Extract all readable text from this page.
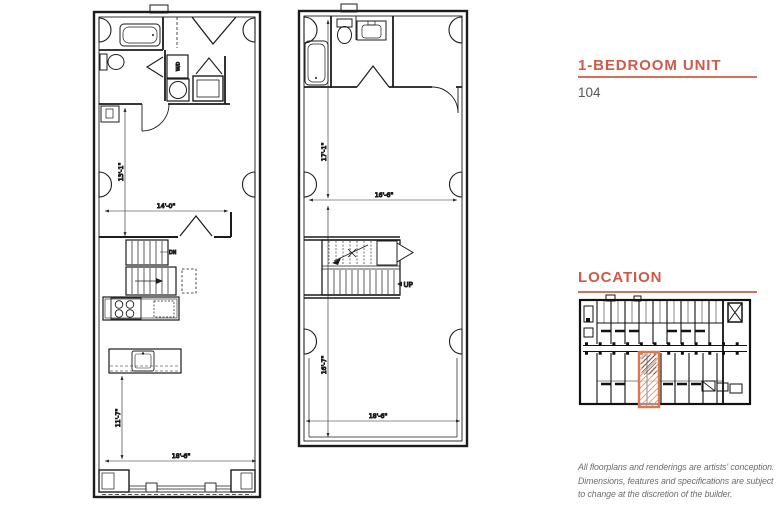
W/D
13'-1"
14'-0"
DN
11'-7"
18'-6"
17'-1"
16'-6"
UP
16'-7"
18'-6"
1-BEDROOM UNIT
104
LOCATION
All floorplans and renderings are artists' conception.
Dimensions, features and specifications are subject
to change at the discretion of the builder.
